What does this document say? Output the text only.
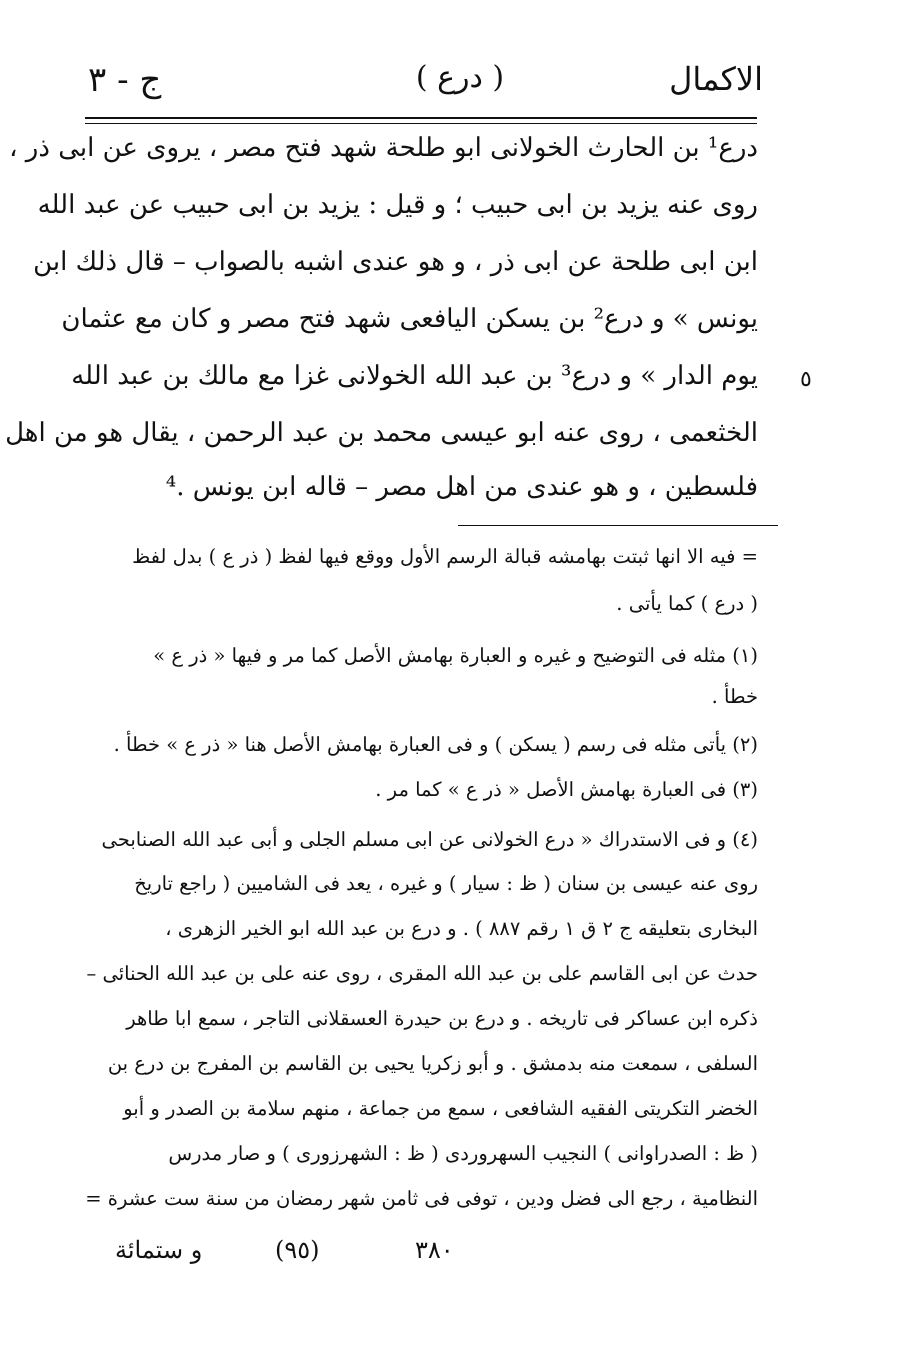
ج - ٣	( درع )	الاكمال
درع¹ بن الحارث الخولانی ابو طلحة شهد فتح مصر ، يروی عن ابی ذر ،
روی عنه يزيد بن ابی حبيب ؛ و قيل : يزيد بن ابی حبيب عن عبد الله
ابن ابی طلحة عن ابی ذر ، و هو عندی اشبه بالصواب – قال ذلك ابن
يونس » و درع² بن يسكن اليافعی شهد فتح مصر و كان مع عثمان
يوم الدار » و درع³ بن عبد الله الخولانی غزا مع مالك بن عبد الله
الخثعمی ، روی عنه ابو عيسى محمد بن عبد الرحمن ، يقال هو من اهل
فلسطين ، و هو عندی من اهل مصر – قاله ابن يونس .⁴
٥
= فيه الا انها ثبتت بهامشه قبالة الرسم الأول ووقع فيها لفظ ( ذر ع ) بدل لفظ
( درع ) كما يأتی .
(١) مثله فی التوضيح و غيره و العبارة بهامش الأصل كما مر و فيها « ذر ع »
خطأ .
(٢) يأتی مثله فی رسم ( يسكن ) و فی العبارة بهامش الأصل هنا « ذر ع » خطأ .
(٣) فی العبارة بهامش الأصل « ذر ع » كما مر .
(٤) و فی الاستدراك « درع الخولانی عن ابی مسلم الجلی و أبی عبد الله الصنابحی
روی عنه عيسى بن سنان ( ظ : سيار ) و غيره ، يعد فی الشاميين ( راجع تاريخ
البخاری بتعليقه ج ٢ ق ١ رقم ٨٨٧ ) . و درع بن عبد الله ابو الخير الزهری ،
حدث عن ابی القاسم علی بن عبد الله المقری ، روی عنه علی بن عبد الله الحنائی –
ذكره ابن عساكر فی تاريخه . و درع بن حيدرة العسقلانی التاجر ، سمع ابا طاهر
السلفی ، سمعت منه بدمشق . و أبو زكريا يحيى بن القاسم بن المفرج بن درع بن
الخضر التكريتی الفقيه الشافعی ، سمع من جماعة ، منهم سلامة بن الصدر و أبو
( ظ : الصدراوانی ) النجيب السهروردی ( ظ : الشهرزوری ) و صار مدرس
النظامية ، رجع الى فضل ودين ، توفی فی ثامن شهر رمضان من سنة ست عشرة =
و ستمائة	(٩٥)	٣٨٠
